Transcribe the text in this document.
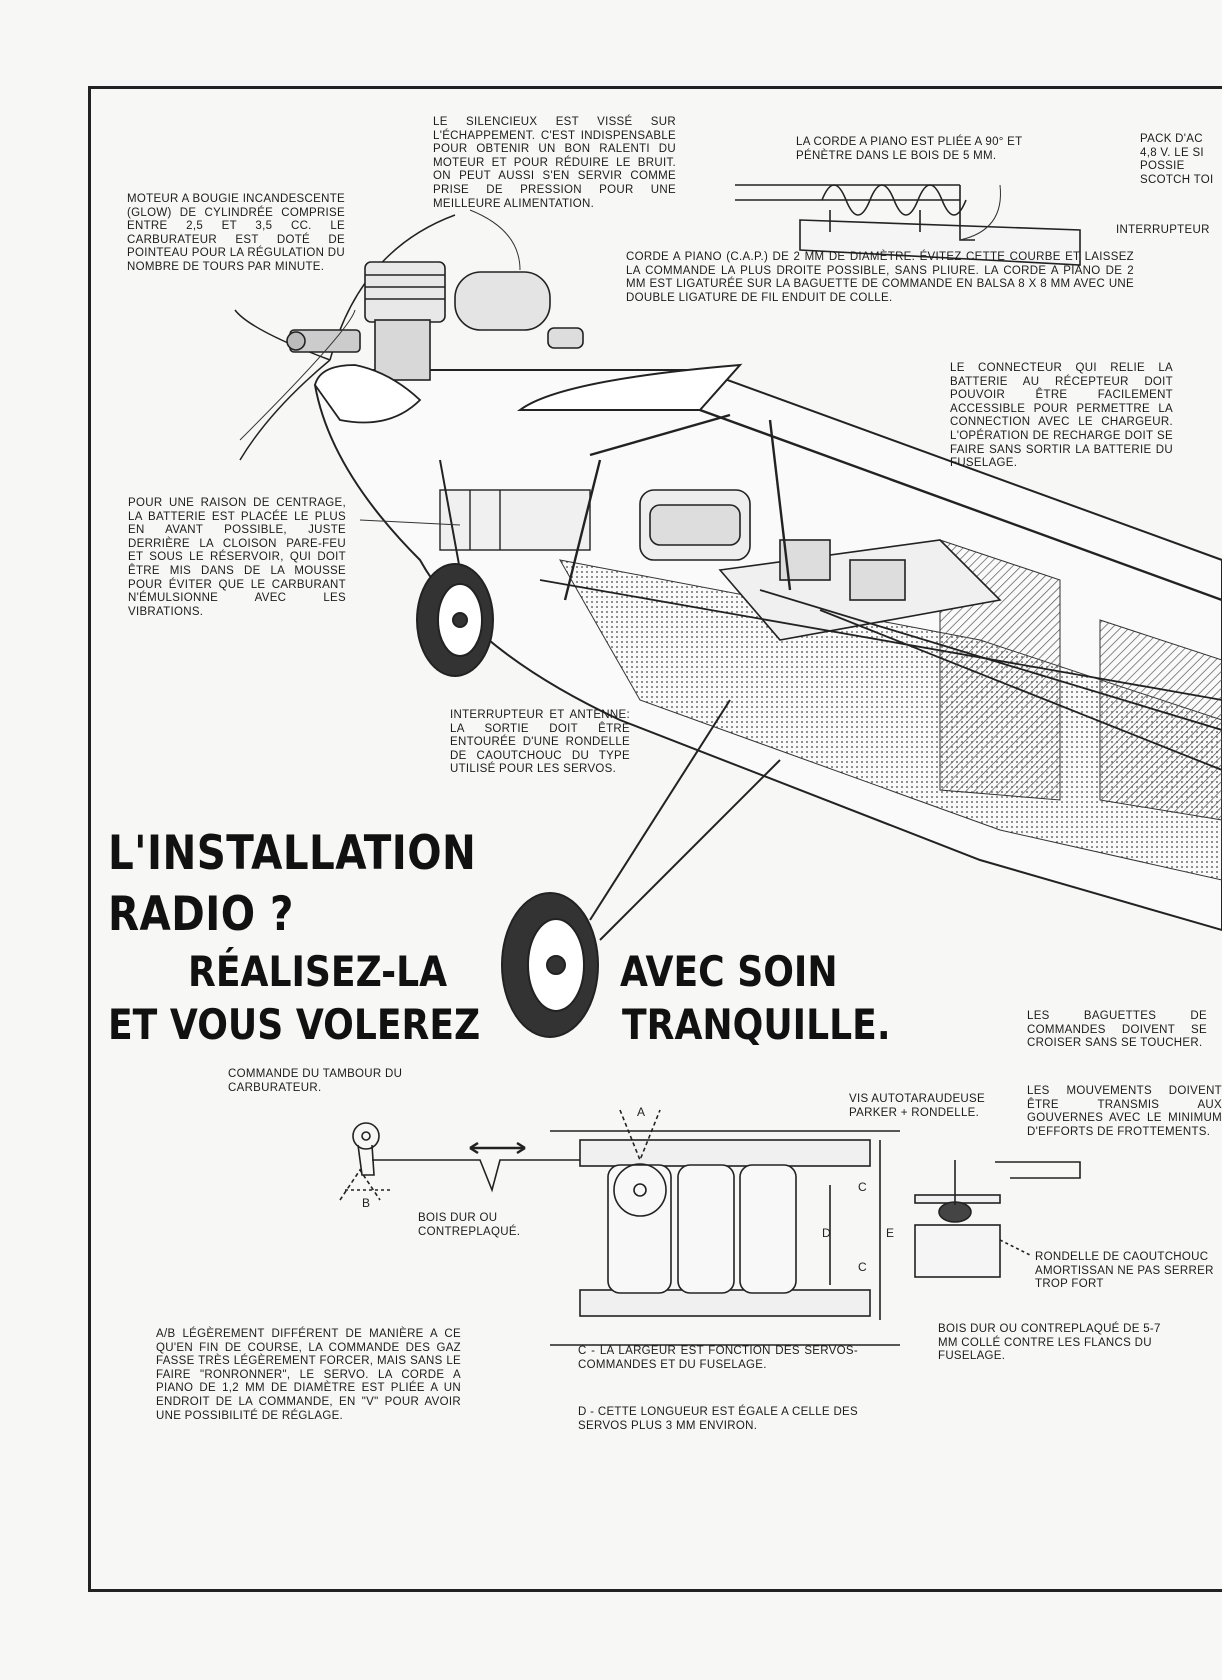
MOTEUR A BOUGIE INCANDESCENTE (GLOW) DE CYLINDRÉE COMPRISE ENTRE 2,5 ET 3,5 CC. LE CARBURATEUR EST DOTÉ DE POINTEAU POUR LA RÉGULATION DU NOMBRE DE TOURS PAR MINUTE.
LE SILENCIEUX EST VISSÉ SUR L'ÉCHAPPEMENT. C'EST INDISPENSABLE POUR OBTENIR UN BON RALENTI DU MOTEUR ET POUR RÉDUIRE LE BRUIT. ON PEUT AUSSI S'EN SERVIR COMME PRISE DE PRESSION POUR UNE MEILLEURE ALIMENTATION.
LA CORDE A PIANO EST PLIÉE A 90° ET PÉNÈTRE DANS LE BOIS DE 5 MM.
PACK D'AC 4,8 V. LE SI POSSIE SCOTCH TOI
INTERRUPTEUR
CORDE A PIANO (C.A.P.) DE 2 MM DE DIAMÈTRE. ÉVITEZ CETTE COURBE ET LAISSEZ LA COMMANDE LA PLUS DROITE POSSIBLE, SANS PLIURE. LA CORDE A PIANO DE 2 MM EST LIGATURÉE SUR LA BAGUETTE DE COMMANDE EN BALSA 8 X 8 MM AVEC UNE DOUBLE LIGATURE DE FIL ENDUIT DE COLLE.
LE CONNECTEUR QUI RELIE LA BATTERIE AU RÉCEPTEUR DOIT POUVOIR ÊTRE FACILEMENT ACCESSIBLE POUR PERMETTRE LA CONNECTION AVEC LE CHARGEUR. L'OPÉRATION DE RECHARGE DOIT SE FAIRE SANS SORTIR LA BATTERIE DU FUSELAGE.
POUR UNE RAISON DE CENTRAGE, LA BATTERIE EST PLACÉE LE PLUS EN AVANT POSSIBLE, JUSTE DERRIÈRE LA CLOISON PARE-FEU ET SOUS LE RÉSERVOIR, QUI DOIT ÊTRE MIS DANS DE LA MOUSSE POUR ÉVITER QUE LE CARBURANT N'ÉMULSIONNE AVEC LES VIBRATIONS.
INTERRUPTEUR ET ANTENNE: LA SORTIE DOIT ÊTRE ENTOURÉE D'UNE RONDELLE DE CAOUTCHOUC DU TYPE UTILISÉ POUR LES SERVOS.
L'INSTALLATION
RADIO ?
RÉALISEZ-LA	AVEC SOIN
ET VOUS VOLEREZ	TRANQUILLE.	LES BAGUETTES DE COMMANDES DOIVENT SE CROISER SANS SE TOUCHER.
LES MOUVEMENTS DOIVENT ÊTRE TRANSMIS AUX GOUVERNES AVEC LE MINIMUM D'EFFORTS DE FROTTEMENTS.
COMMANDE DU TAMBOUR DU CARBURATEUR.
VIS AUTOTARAUDEUSE PARKER + RONDELLE.
BOIS DUR OU CONTREPLAQUÉ.
RONDELLE DE CAOUTCHOUC AMORTISSAN NE PAS SERRER TROP FORT
BOIS DUR OU CONTREPLAQUÉ DE 5-7 MM COLLÉ CONTRE LES FLANCS DU FUSELAGE.
A/B LÉGÈREMENT DIFFÉRENT DE MANIÈRE A CE QU'EN FIN DE COURSE, LA COMMANDE DES GAZ FASSE TRÈS LÉGÈREMENT FORCER, MAIS SANS LE FAIRE "RONRONNER", LE SERVO. LA CORDE A PIANO DE 1,2 MM DE DIAMÈTRE EST PLIÉE A UN ENDROIT DE LA COMMANDE, EN "V" POUR AVOIR UNE POSSIBILITÉ DE RÉGLAGE.
C - LA LARGEUR EST FONCTION DES SERVOS-COMMANDES ET DU FUSELAGE.
D - CETTE LONGUEUR EST ÉGALE A CELLE DES SERVOS PLUS 3 MM ENVIRON.
A
B
C
D	E
C
